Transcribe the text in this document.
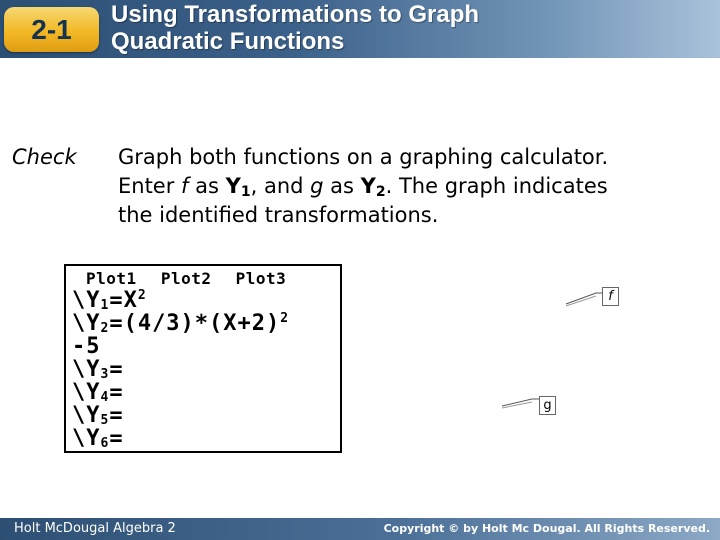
2-1	Using Transformations to Graph
Quadratic Functions
Check Graph both functions on a graphing calculator.
Enter f as $Y_1$, and g as $Y_2$. The graph indicates
the identified transformations.
Plot1 Plot2 Plot3
$\backslash Y_1=X^2$
$\backslash Y_2=(4/3)*(X+2)^2$
-5
$\backslash Y_3=$
$\backslash Y_4=$
$\backslash Y_5=$
$\backslash Y_6=$
f
g
Holt McDougal Algebra 2	Copyright © by Holt Mc Dougal. All Rights Reserved.
